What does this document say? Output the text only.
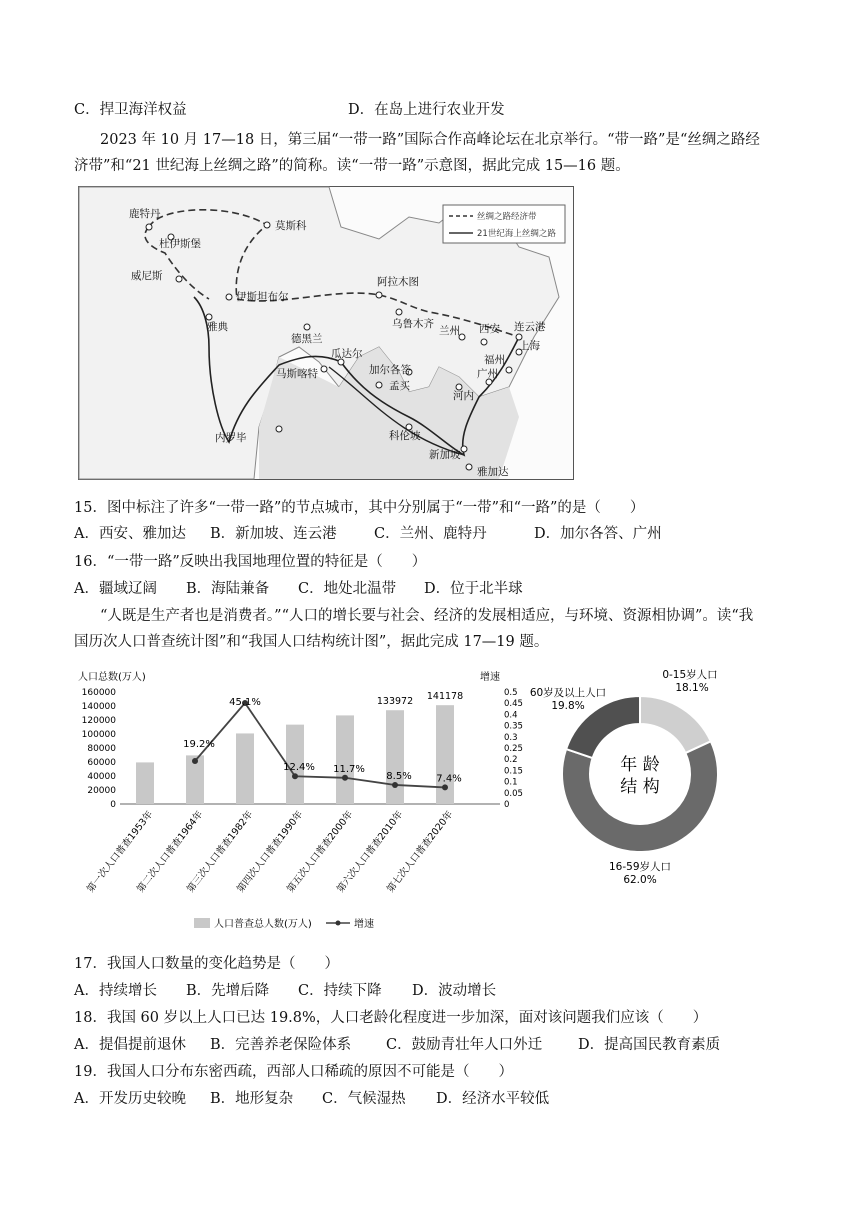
C．捍卫海洋权益	D．在岛上进行农业开发
2023 年 10 月 17—18 日，第三届“一带一路”国际合作高峰论坛在北京举行。“带一路”是“丝绸之路经
济带”和“21 世纪海上丝绸之路”的简称。读“一带一路”示意图，据此完成 15—16 题。
丝绸之路经济带
21世纪海上丝绸之路
鹿特丹
杜伊斯堡
莫斯科
威尼斯
伊斯坦布尔
阿拉木图
乌鲁木齐
兰州 西安 连云港
上海
福州
广州
雅典
德黑兰
瓜达尔
马斯喀特	加尔各答
孟买
河内
科伦坡
内罗毕
新加坡
雅加达
15．图中标注了许多“一带一路”的节点城市，其中分别属于“一带”和“一路”的是（　　）
A．西安、雅加达 B．新加坡、连云港	C．兰州、鹿特丹	D．加尔各答、广州
16．“一带一路”反映出我国地理位置的特征是（　　）
A．疆域辽阔 B．海陆兼备 C．地处北温带 D．位于北半球
“人既是生产者也是消费者。”“人口的增长要与社会、经济的发展相适应，与环境、资源相协调”。读“我
国历次人口普查统计图”和“我国人口结构统计图”，据此完成 17—19 题。
人口总数(万人)	增速
0
20000
40000
60000
80000
100000
120000
140000
160000
0
0.05
0.1
0.15
0.2
0.25
0.3
0.35
0.4
0.45
0.5
第一次人口普查1953年
第二次人口普查1964年
第三次人口普查1982年
第四次人口普查1990年
第五次人口普查2000年
133972
第六次人口普查2010年
141178
第七次人口普查2020年
19.2%
45.1%
12.4% 11.7%
8.5% 7.4%
人口普查总人数(万人)	增速
年 龄
结 构
0-15岁人口
18.1%
16-59岁人口
62.0%
60岁及以上人口
19.8%
17．我国人口数量的变化趋势是（　　）
A．持续增长 B．先增后降 C．持续下降 D．波动增长
18．我国 60 岁以上人口已达 19.8%，人口老龄化程度进一步加深，面对该问题我们应该（　　）
A．提倡提前退休 B．完善养老保险体系 C．鼓励青壮年人口外迁 D．提高国民教育素质
19．我国人口分布东密西疏，西部人口稀疏的原因不可能是（　　）
A．开发历史较晚 B．地形复杂 C．气候湿热 D．经济水平较低
